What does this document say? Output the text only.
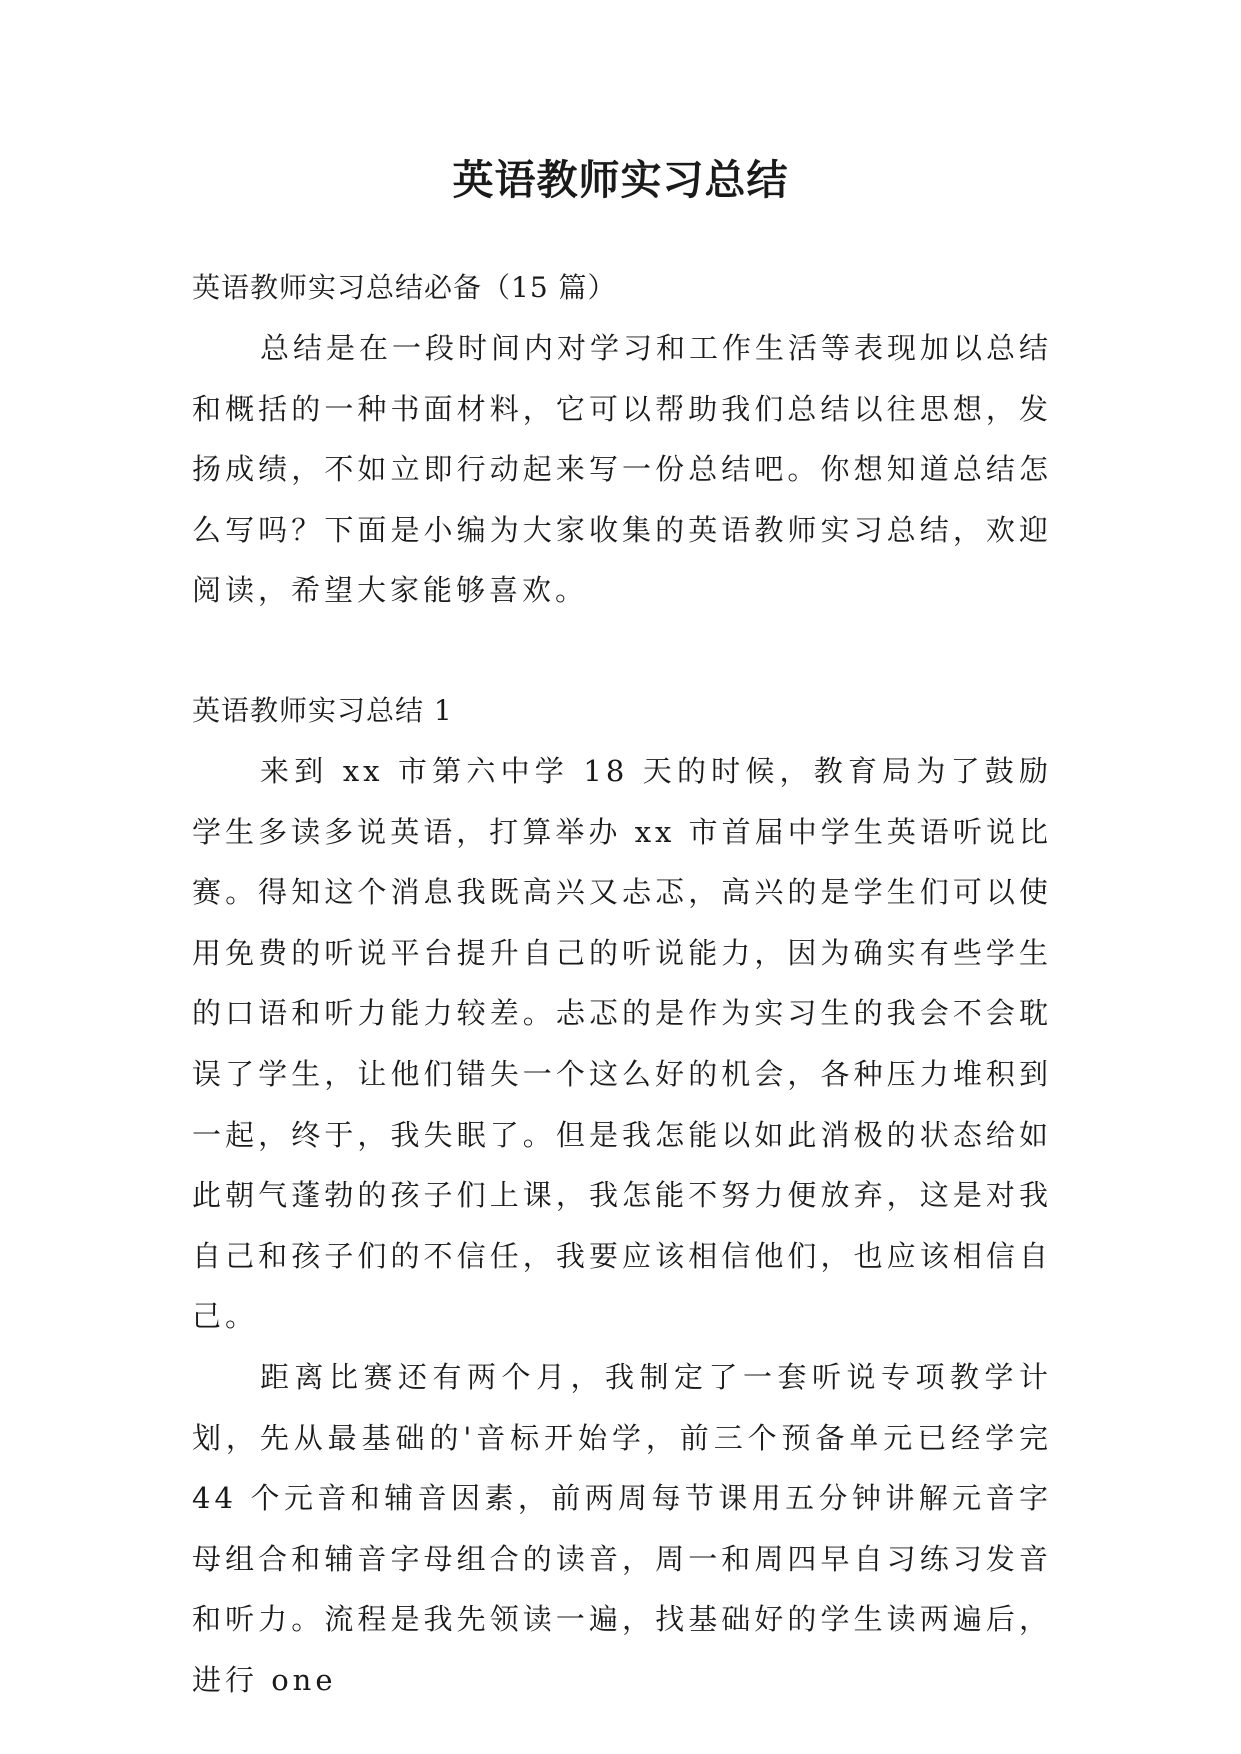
英语教师实习总结

英语教师实习总结必备（15 篇）

总结是在一段时间内对学习和工作生活等表现加以总结和概括的一种书面材料，它可以帮助我们总结以往思想，发扬成绩，不如立即行动起来写一份总结吧。你想知道总结怎么写吗？下面是小编为大家收集的英语教师实习总结，欢迎阅读，希望大家能够喜欢。

英语教师实习总结 1

来到 xx 市第六中学 18 天的时候，教育局为了鼓励学生多读多说英语，打算举办 xx 市首届中学生英语听说比赛。得知这个消息我既高兴又忐忑，高兴的是学生们可以使用免费的听说平台提升自己的听说能力，因为确实有些学生的口语和听力能力较差。忐忑的是作为实习生的我会不会耽误了学生，让他们错失一个这么好的机会，各种压力堆积到一起，终于，我失眠了。但是我怎能以如此消极的状态给如此朝气蓬勃的孩子们上课，我怎能不努力便放弃，这是对我自己和孩子们的不信任，我要应该相信他们，也应该相信自己。

距离比赛还有两个月，我制定了一套听说专项教学计划，先从最基础的'音标开始学，前三个预备单元已经学完 44 个元音和辅音因素，前两周每节课用五分钟讲解元音字母组合和辅音字母组合的读音，周一和周四早自习练习发音和听力。流程是我先领读一遍，找基础好的学生读两遍后，进行 one
